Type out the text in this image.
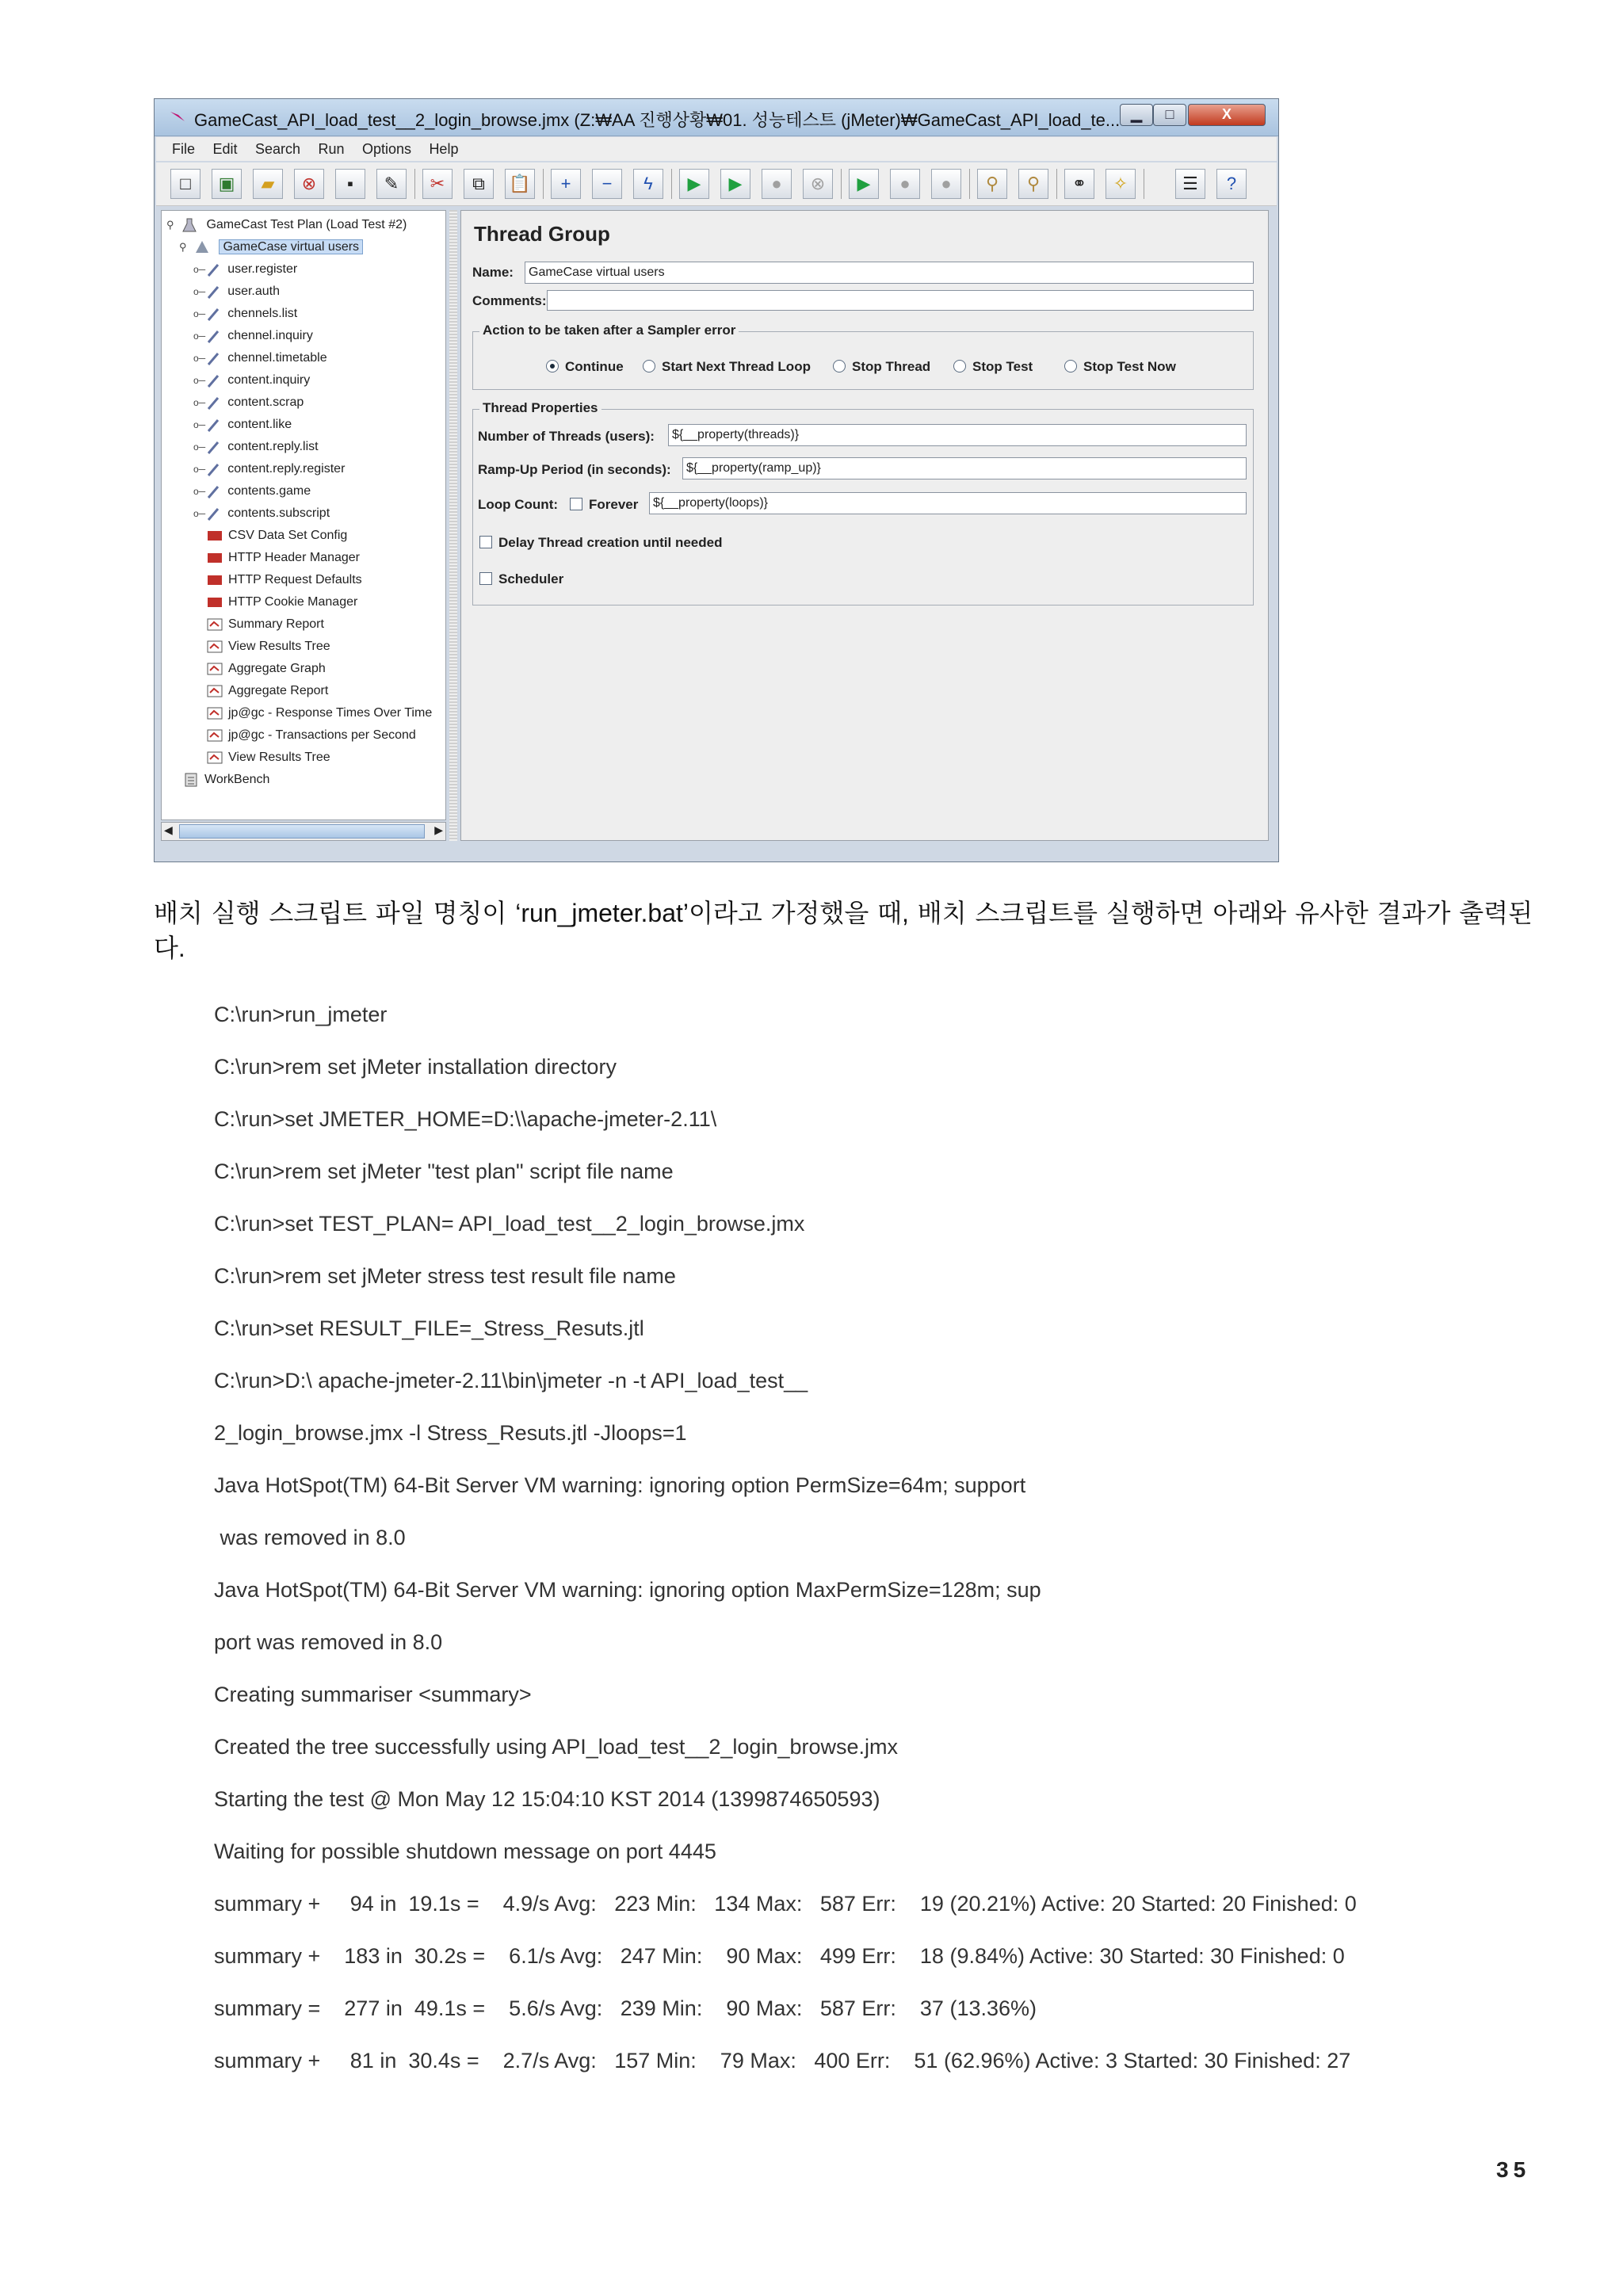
GameCast_API_load_test__2_login_browse.jmx (Z:₩AA 진행상황₩01. 성능테스트 (jMeter)₩GameCast_API_load_te... ▁	□	X
File Edit Search Run Options Help
□	▣	▰	⊗	▪	✎	✂	⧉	📋	+	−	ϟ	▶	▶	●	⊗	▶	●	●	⚲	⚲	⚭	✧	☰	?
⚲	GameCast Test Plan (Load Test #2)
⚲	GameCase virtual users
o─ user.register
o─ user.auth
o─ chennels.list
o─ chennel.inquiry
o─ chennel.timetable
o─ content.inquiry
o─ content.scrap
o─ content.like
o─ content.reply.list
o─ content.reply.register
o─ contents.game
o─ contents.subscript
CSV Data Set Config
HTTP Header Manager
HTTP Request Defaults
HTTP Cookie Manager
Summary Report
View Results Tree
Aggregate Graph
Aggregate Report
jp@gc - Response Times Over Time
jp@gc - Transactions per Second
View Results Tree
WorkBench
◀	▶
Thread Group
Name:	GameCase virtual users
Comments:
Action to be taken after a Sampler error
Continue	Start Next Thread Loop	Stop Thread	Stop Test	Stop Test Now
Thread Properties
Number of Threads (users):	${__property(threads)}
Ramp-Up Period (in seconds):	${__property(ramp_up)}
Loop Count:	Forever	${__property(loops)}
Delay Thread creation until needed
Scheduler
배치 실행 스크립트 파일 명칭이 ‘run_jmeter.bat’이라고 가정했을 때, 배치 스크립트를 실행하면 아래와 유사한 결과가 출력된다.
C:\run>run_jmeter
C:\run>rem set jMeter installation directory
C:\run>set JMETER_HOME=D:\\apache-jmeter-2.11\
C:\run>rem set jMeter "test plan" script file name
C:\run>set TEST_PLAN= API_load_test__2_login_browse.jmx
C:\run>rem set jMeter stress test result file name
C:\run>set RESULT_FILE=_Stress_Resuts.jtl
C:\run>D:\ apache-jmeter-2.11\bin\jmeter -n -t API_load_test__
2_login_browse.jmx -l Stress_Resuts.jtl -Jloops=1
Java HotSpot(TM) 64-Bit Server VM warning: ignoring option PermSize=64m; support
was removed in 8.0
Java HotSpot(TM) 64-Bit Server VM warning: ignoring option MaxPermSize=128m; sup
port was removed in 8.0
Creating summariser <summary>
Created the tree successfully using API_load_test__2_login_browse.jmx
Starting the test @ Mon May 12 15:04:10 KST 2014 (1399874650593)
Waiting for possible shutdown message on port 4445
summary +     94 in  19.1s =    4.9/s Avg:   223 Min:   134 Max:   587 Err:    19 (20.21%) Active: 20 Started: 20 Finished: 0
summary +    183 in  30.2s =    6.1/s Avg:   247 Min:    90 Max:   499 Err:    18 (9.84%) Active: 30 Started: 30 Finished: 0
summary =    277 in  49.1s =    5.6/s Avg:   239 Min:    90 Max:   587 Err:    37 (13.36%)
summary +     81 in  30.4s =    2.7/s Avg:   157 Min:    79 Max:   400 Err:    51 (62.96%) Active: 3 Started: 30 Finished: 27
35
